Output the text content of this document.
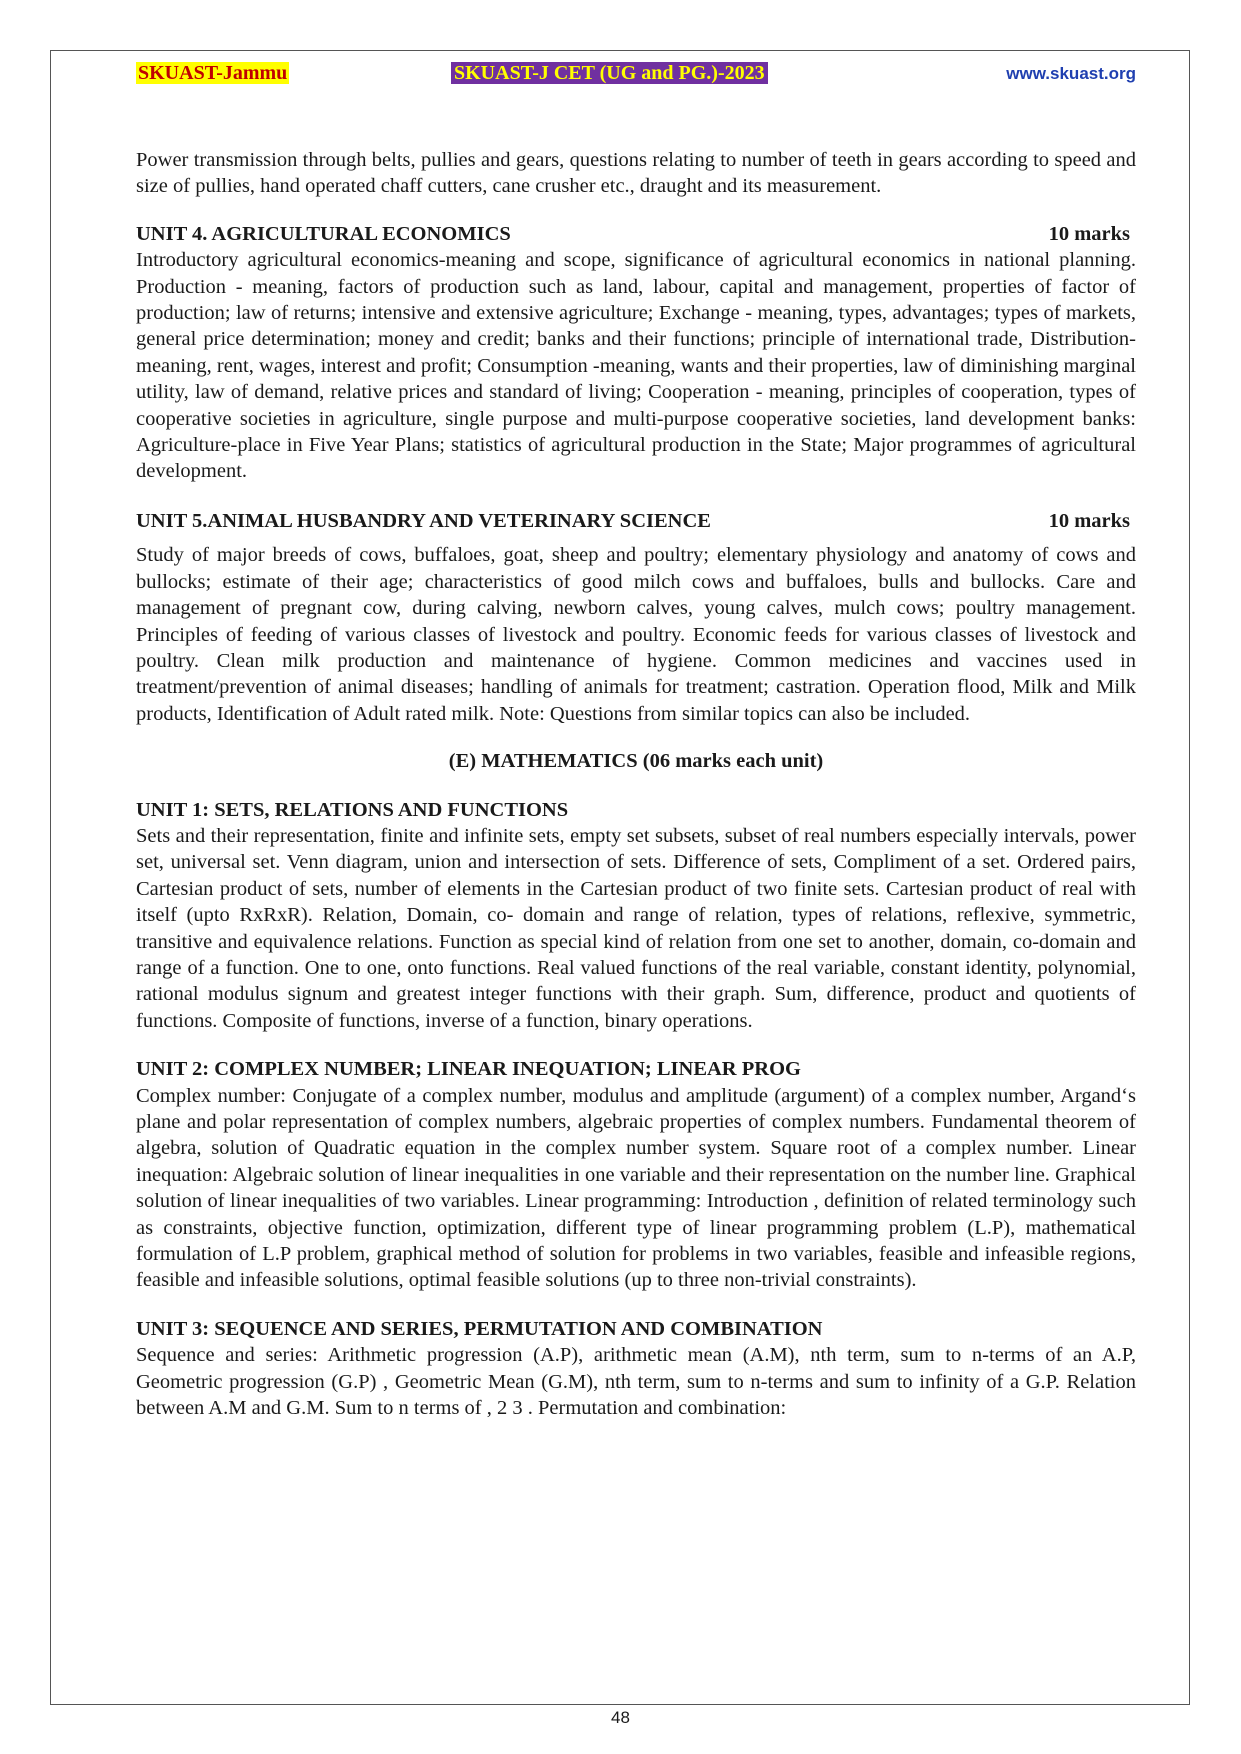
SKUAST-Jammu	SKUAST-J CET (UG and PG.)-2023	www.skuast.org

Power transmission through belts, pullies and gears, questions relating to number of teeth in gears according to speed and size of pullies, hand operated chaff cutters, cane crusher etc., draught and its measurement.

UNIT 4. AGRICULTURAL ECONOMICS	10 marks

Introductory agricultural economics-meaning and scope, significance of agricultural economics in national planning. Production - meaning, factors of production such as land, labour, capital and management, properties of factor of production; law of returns; intensive and extensive agriculture; Exchange - meaning, types, advantages; types of markets, general price determination; money and credit; banks and their functions; principle of international trade, Distribution-meaning, rent, wages, interest and profit; Consumption -meaning, wants and their properties, law of diminishing marginal utility, law of demand, relative prices and standard of living; Cooperation - meaning, principles of cooperation, types of cooperative societies in agriculture, single purpose and multi-purpose cooperative societies, land development banks: Agriculture-place in Five Year Plans; statistics of agricultural production in the State; Major programmes of agricultural development.

UNIT 5.ANIMAL HUSBANDRY AND VETERINARY SCIENCE	10 marks

Study of major breeds of cows, buffaloes, goat, sheep and poultry; elementary physiology and anatomy of cows and bullocks; estimate of their age; characteristics of good milch cows and buffaloes, bulls and bullocks. Care and management of pregnant cow, during calving, newborn calves, young calves, mulch cows; poultry management. Principles of feeding of various classes of livestock and poultry. Economic feeds for various classes of livestock and poultry. Clean milk production and maintenance of hygiene. Common medicines and vaccines used in treatment/prevention of animal diseases; handling of animals for treatment; castration. Operation flood, Milk and Milk products, Identification of Adult rated milk. Note: Questions from similar topics can also be included.

(E) MATHEMATICS (06 marks each unit)
UNIT 1: SETS, RELATIONS AND FUNCTIONS

Sets and their representation, finite and infinite sets, empty set subsets, subset of real numbers especially intervals, power set, universal set. Venn diagram, union and intersection of sets. Difference of sets, Compliment of a set. Ordered pairs, Cartesian product of sets, number of elements in the Cartesian product of two finite sets. Cartesian product of real with itself (upto RxRxR). Relation, Domain, co- domain and range of relation, types of relations, reflexive, symmetric, transitive and equivalence relations. Function as special kind of relation from one set to another, domain, co-domain and range of a function. One to one, onto functions. Real valued functions of the real variable, constant identity, polynomial, rational modulus signum and greatest integer functions with their graph. Sum, difference, product and quotients of functions. Composite of functions, inverse of a function, binary operations.

UNIT 2: COMPLEX NUMBER; LINEAR INEQUATION; LINEAR PROG

Complex number: Conjugate of a complex number, modulus and amplitude (argument) of a complex number, Argand‘s plane and polar representation of complex numbers, algebraic properties of complex numbers. Fundamental theorem of algebra, solution of Quadratic equation in the complex number system. Square root of a complex number. Linear inequation: Algebraic solution of linear inequalities in one variable and their representation on the number line. Graphical solution of linear inequalities of two variables. Linear programming: Introduction , definition of related terminology such as constraints, objective function, optimization, different type of linear programming problem (L.P), mathematical formulation of L.P problem, graphical method of solution for problems in two variables, feasible and infeasible regions, feasible and infeasible solutions, optimal feasible solutions (up to three non-trivial constraints).

UNIT 3: SEQUENCE AND SERIES, PERMUTATION AND COMBINATION

Sequence and series: Arithmetic progression (A.P), arithmetic mean (A.M), nth term, sum to n-terms of an A.P, Geometric progression (G.P) , Geometric Mean (G.M), nth term, sum to n-terms and sum to infinity of a G.P. Relation between A.M and G.M. Sum to n terms of , 2 3 . Permutation and combination:

48
